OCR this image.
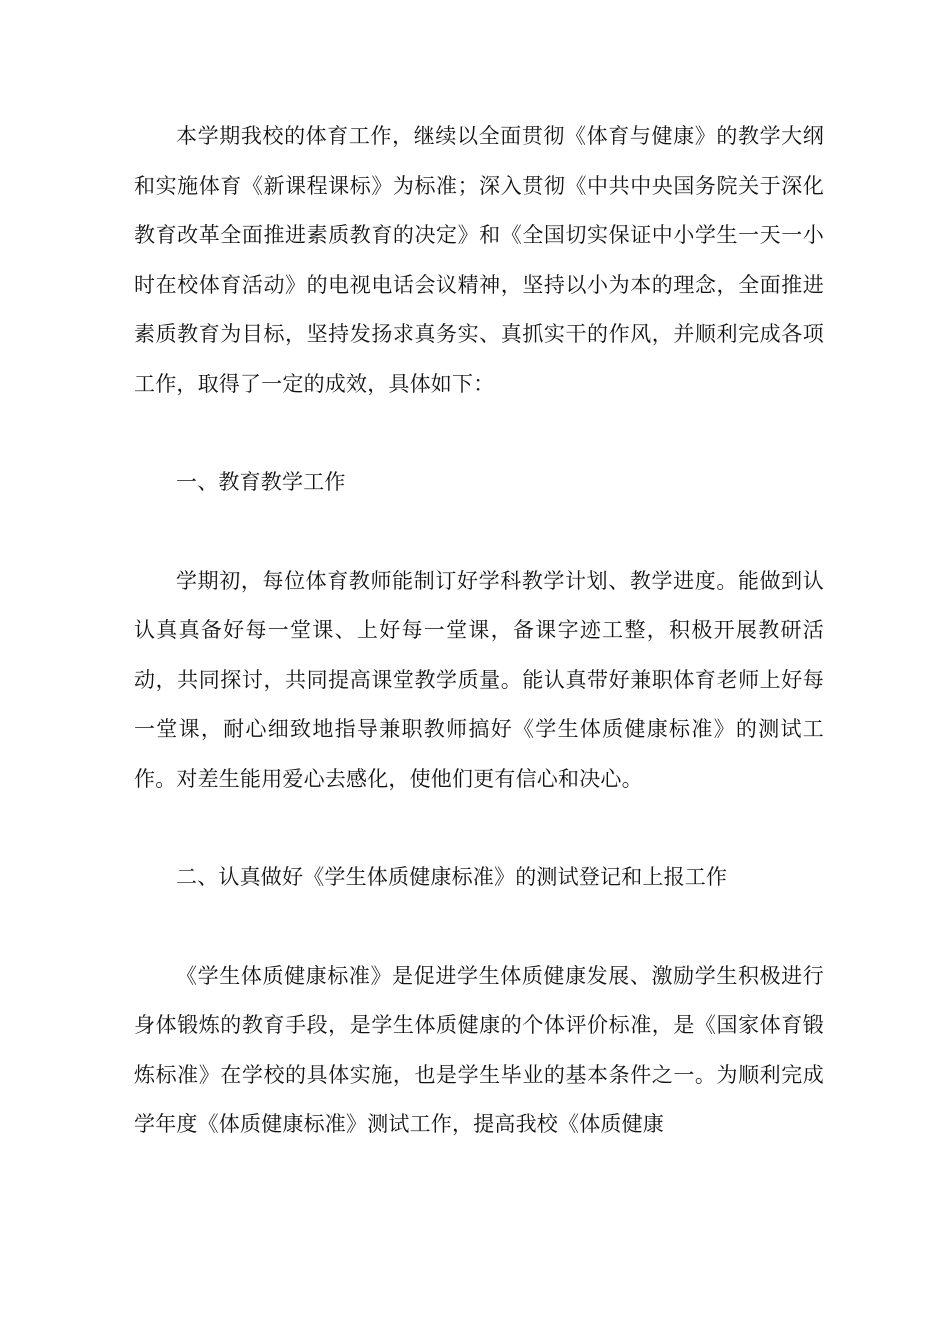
本学期我校的体育工作，继续以全面贯彻《体育与健康》的教学大纲和实施体育《新课程课标》为标准；深入贯彻《中共中央国务院关于深化教育改革全面推进素质教育的决定》和《全国切实保证中小学生一天一小时在校体育活动》的电视电话会议精神，坚持以小为本的理念，全面推进素质教育为目标，坚持发扬求真务实、真抓实干的作风，并顺利完成各项工作，取得了一定的成效，具体如下：

一、教育教学工作

学期初，每位体育教师能制订好学科教学计划、教学进度。能做到认认真真备好每一堂课、上好每一堂课，备课字迹工整，积极开展教研活动，共同探讨，共同提高课堂教学质量。能认真带好兼职体育老师上好每一堂课，耐心细致地指导兼职教师搞好《学生体质健康标准》的测试工作。对差生能用爱心去感化，使他们更有信心和决心。

二、认真做好《学生体质健康标准》的测试登记和上报工作

《学生体质健康标准》是促进学生体质健康发展、激励学生积极进行身体锻炼的教育手段，是学生体质健康的个体评价标准，是《国家体育锻炼标准》在学校的具体实施，也是学生毕业的基本条件之一。为顺利完成学年度《体质健康标准》测试工作，提高我校《体质健康
